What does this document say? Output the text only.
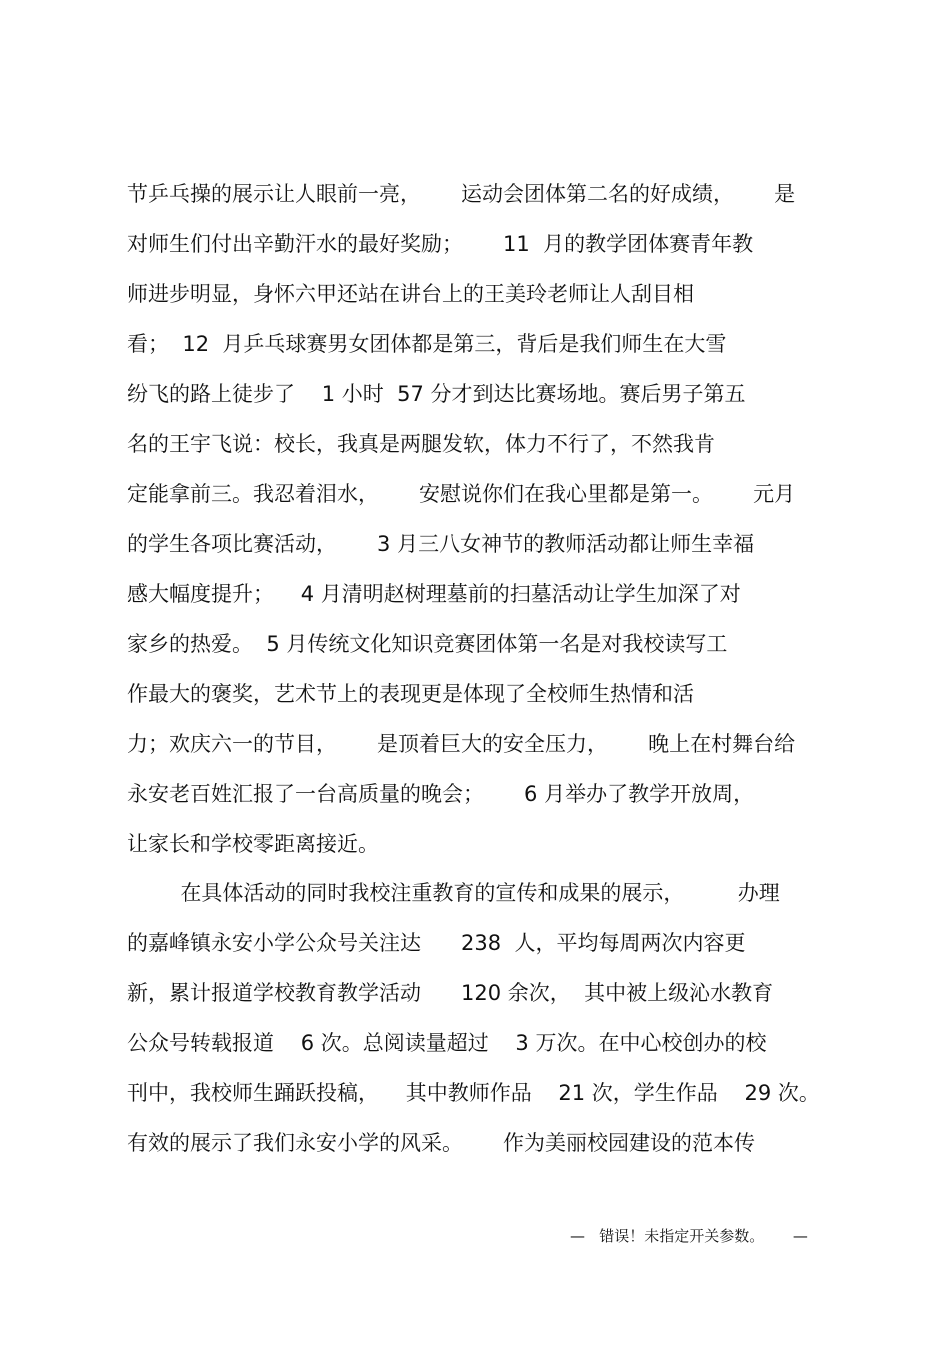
节乒乓操的展示让人眼前一亮，      运动会团体第二名的好成绩，      是
对师生们付出辛勤汗水的最好奖励；      11  月的教学团体赛青年教
师进步明显，身怀六甲还站在讲台上的王美玲老师让人刮目相
看；  12  月乒乓球赛男女团体都是第三，背后是我们师生在大雪
纷飞的路上徒步了    1 小时  57 分才到达比赛场地。赛后男子第五
名的王宇飞说：校长，我真是两腿发软，体力不行了，不然我肯
定能拿前三。我忍着泪水，      安慰说你们在我心里都是第一。      元月
的学生各项比赛活动，      3 月三八女神节的教师活动都让师生幸福
感大幅度提升；    4 月清明赵树理墓前的扫墓活动让学生加深了对
家乡的热爱。  5 月传统文化知识竞赛团体第一名是对我校读写工
作最大的褒奖，艺术节上的表现更是体现了全校师生热情和活
力；欢庆六一的节目，      是顶着巨大的安全压力，      晚上在村舞台给
永安老百姓汇报了一台高质量的晚会；      6 月举办了教学开放周，
让家长和学校零距离接近。
在具体活动的同时我校注重教育的宣传和成果的展示，        办理
的嘉峰镇永安小学公众号关注达      238  人，平均每周两次内容更
新，累计报道学校教育教学活动      120 余次，  其中被上级沁水教育
公众号转载报道    6 次。总阅读量超过    3 万次。在中心校创办的校
刊中，我校师生踊跃投稿，    其中教师作品    21 次，学生作品    29 次。
有效的展示了我们永安小学的风采。      作为美丽校园建设的范本传
—   错误！未指定开关参数。      —
